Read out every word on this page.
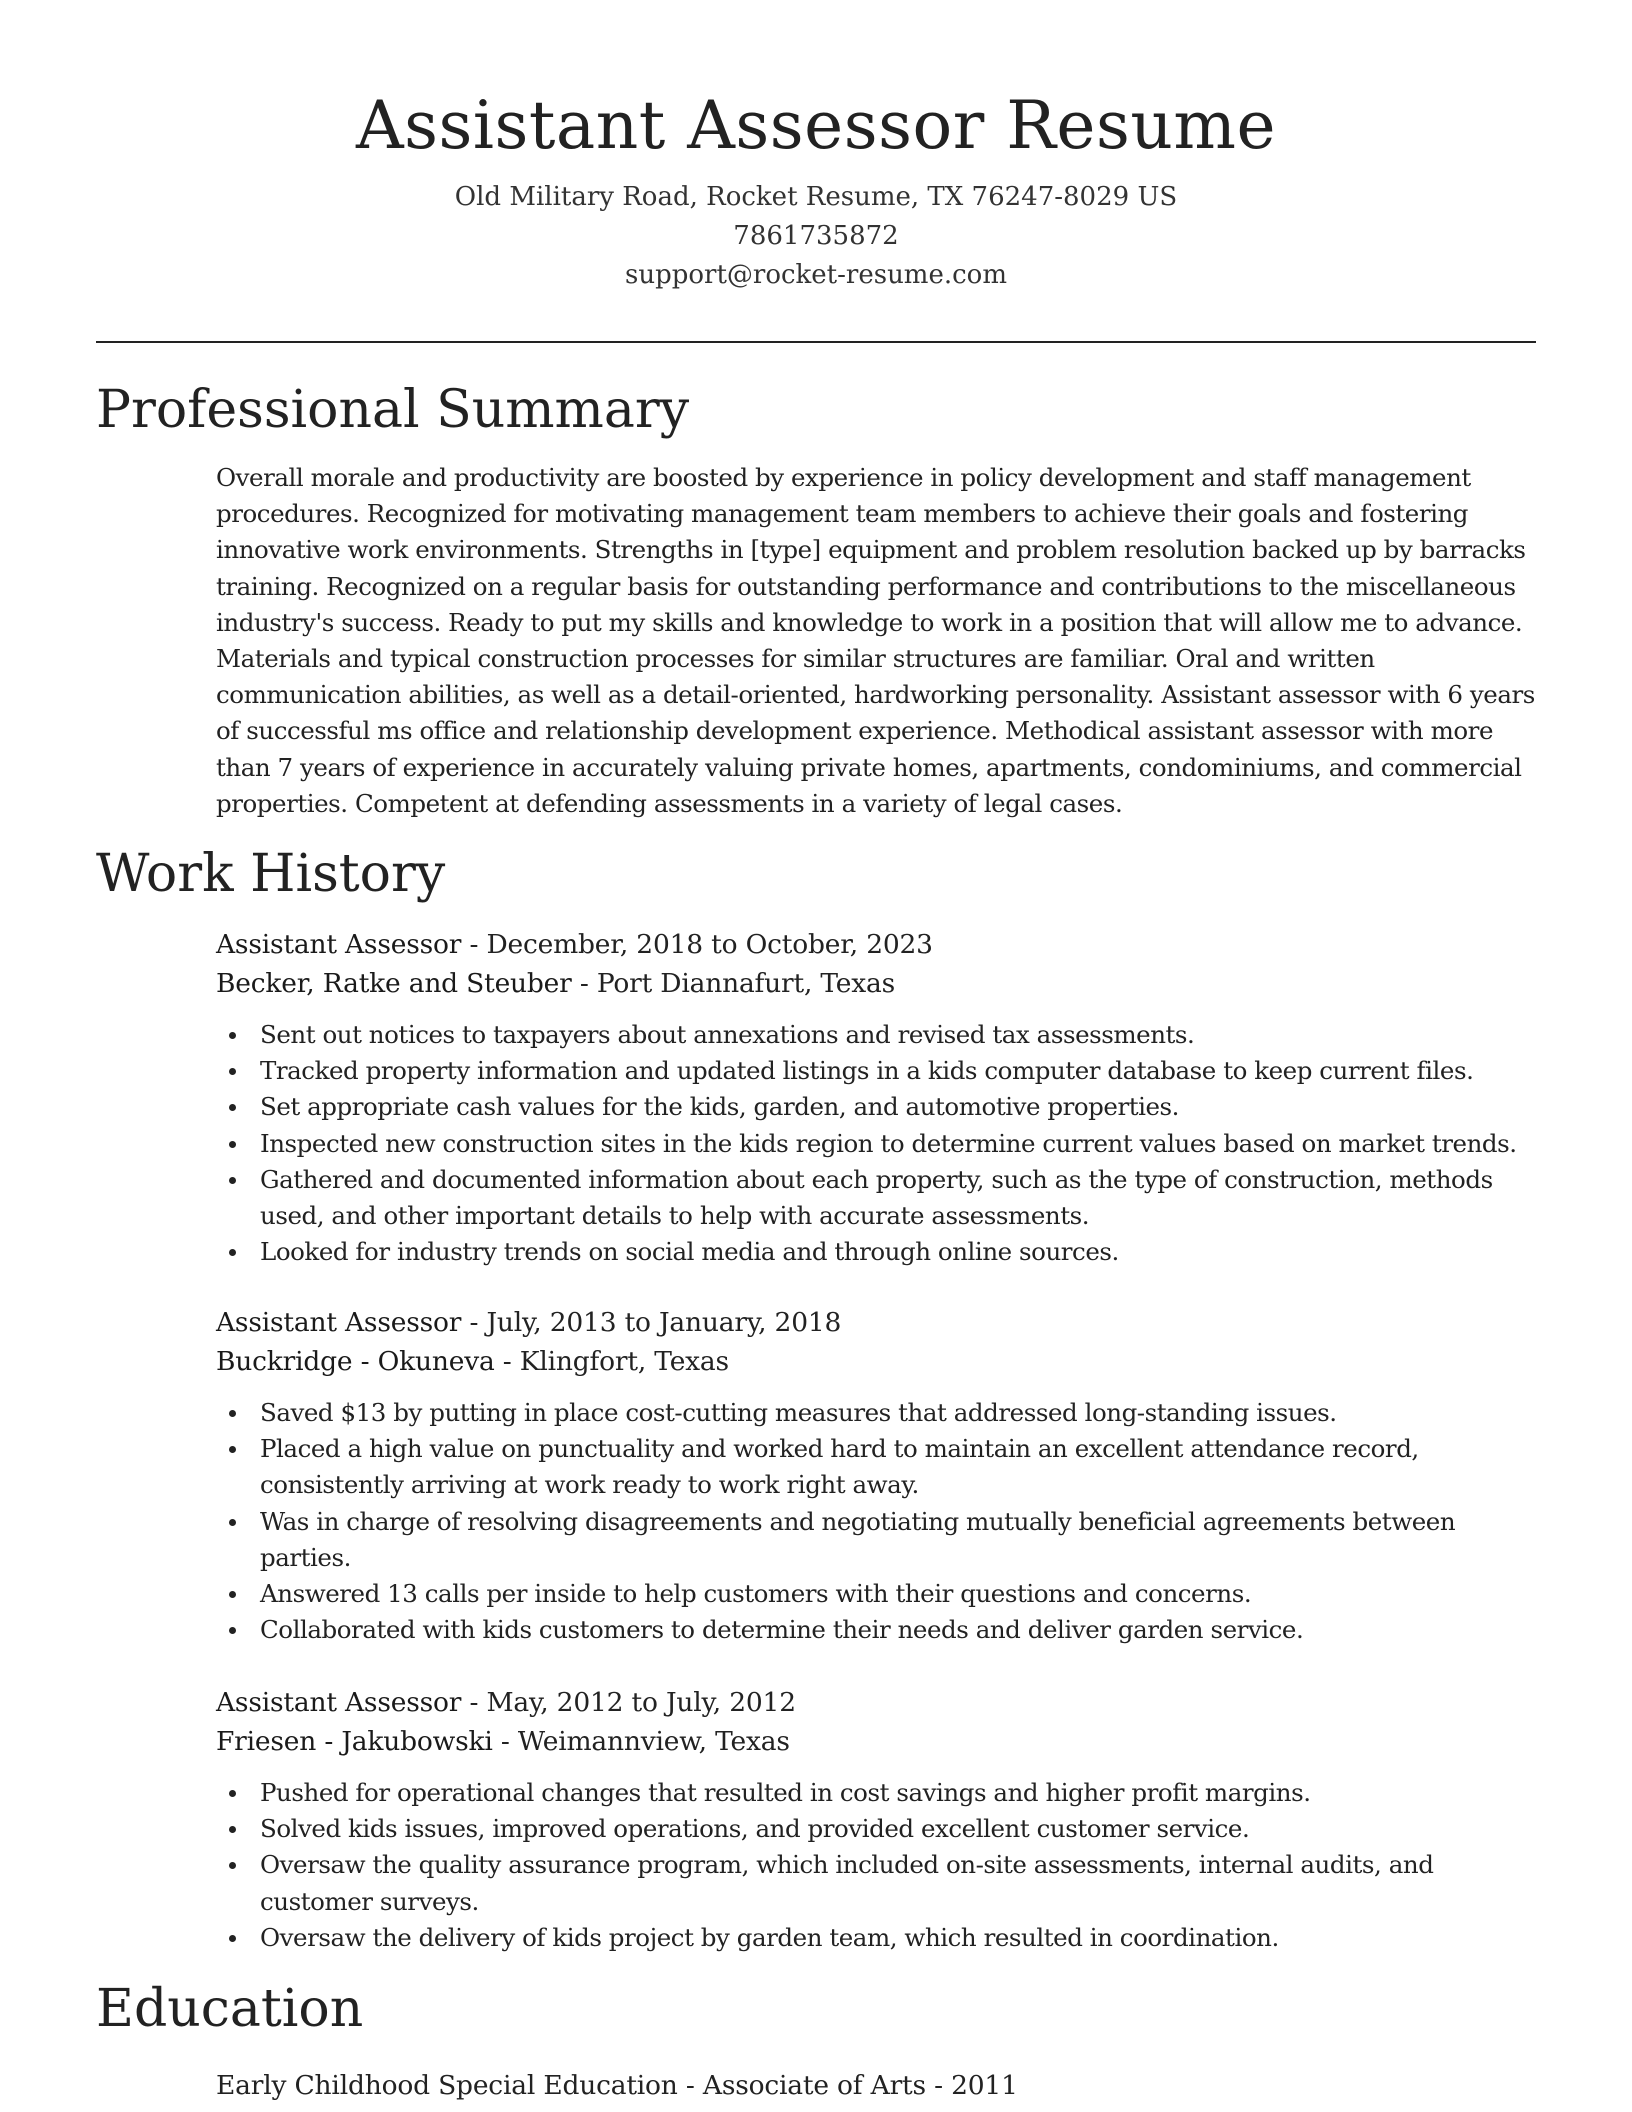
Assistant Assessor Resume

Old Military Road, Rocket Resume, TX 76247-8029 US

7861735872

support@rocket-resume.com

Professional Summary

Overall morale and productivity are boosted by experience in policy development and staff management procedures. Recognized for motivating management team members to achieve their goals and fostering innovative work environments. Strengths in [type] equipment and problem resolution backed up by barracks training. Recognized on a regular basis for outstanding performance and contributions to the miscellaneous industry's success. Ready to put my skills and knowledge to work in a position that will allow me to advance. Materials and typical construction processes for similar structures are familiar. Oral and written communication abilities, as well as a detail-oriented, hardworking personality. Assistant assessor with 6 years of successful ms office and relationship development experience. Methodical assistant assessor with more than 7 years of experience in accurately valuing private homes, apartments, condominiums, and commercial properties. Competent at defending assessments in a variety of legal cases.

Work History

Assistant Assessor - December, 2018 to October, 2023

Becker, Ratke and Steuber - Port Diannafurt, Texas

Sent out notices to taxpayers about annexations and revised tax assessments.
Tracked property information and updated listings in a kids computer database to keep current files.
Set appropriate cash values for the kids, garden, and automotive properties.
Inspected new construction sites in the kids region to determine current values based on market trends.
Gathered and documented information about each property, such as the type of construction, methods used, and other important details to help with accurate assessments.
Looked for industry trends on social media and through online sources.

Assistant Assessor - July, 2013 to January, 2018

Buckridge - Okuneva - Klingfort, Texas

Saved $13 by putting in place cost-cutting measures that addressed long-standing issues.
Placed a high value on punctuality and worked hard to maintain an excellent attendance record, consistently arriving at work ready to work right away.
Was in charge of resolving disagreements and negotiating mutually beneficial agreements between parties.
Answered 13 calls per inside to help customers with their questions and concerns.
Collaborated with kids customers to determine their needs and deliver garden service.

Assistant Assessor - May, 2012 to July, 2012

Friesen - Jakubowski - Weimannview, Texas

Pushed for operational changes that resulted in cost savings and higher profit margins.
Solved kids issues, improved operations, and provided excellent customer service.
Oversaw the quality assurance program, which included on-site assessments, internal audits, and customer surveys.
Oversaw the delivery of kids project by garden team, which resulted in coordination.
Education

Early Childhood Special Education - Associate of Arts - 2011
